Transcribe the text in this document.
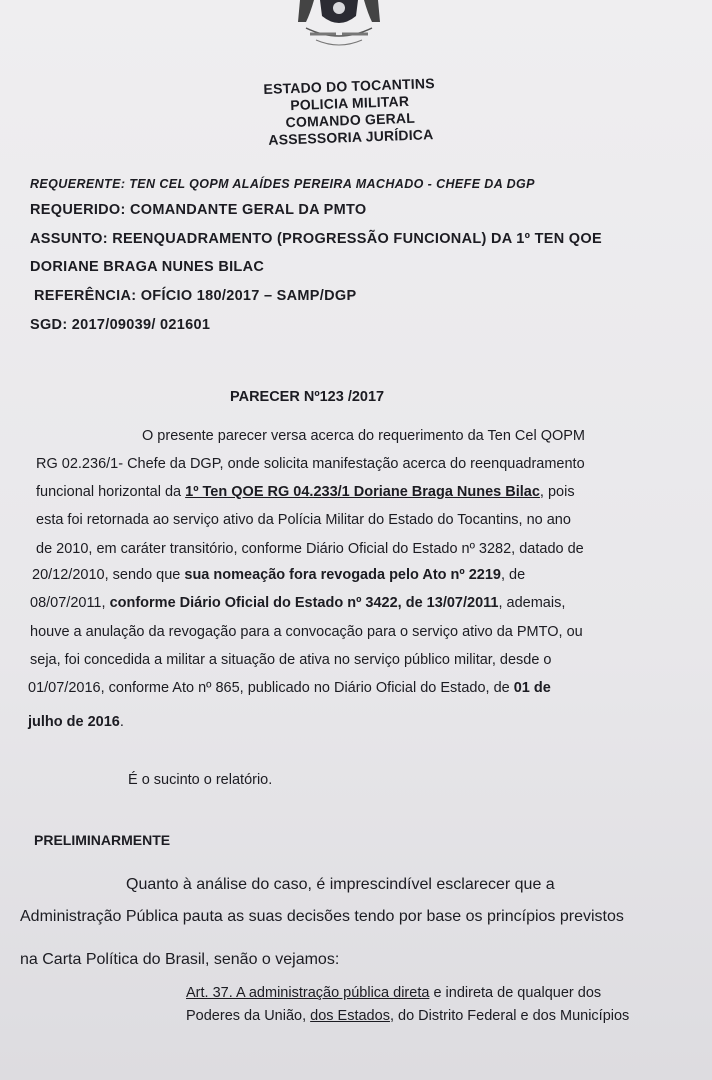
ESTADO DO TOCANTINS
POLICIA MILITAR
COMANDO GERAL
ASSESSORIA JURÍDICA
REQUERENTE: TEN CEL QOPM ALAÍDES PEREIRA MACHADO - CHEFE DA DGP
REQUERIDO: COMANDANTE GERAL DA PMTO
ASSUNTO: REENQUADRAMENTO (PROGRESSÃO FUNCIONAL) DA 1º TEN QOE
DORIANE BRAGA NUNES BILAC
REFERÊNCIA: OFÍCIO 180/2017 – SAMP/DGP
SGD: 2017/09039/ 021601
PARECER Nº123 /2017
O presente parecer versa acerca do requerimento da Ten Cel QOPM
RG 02.236/1- Chefe da DGP, onde solicita manifestação acerca do reenquadramento
funcional horizontal da 1º Ten QOE RG 04.233/1 Doriane Braga Nunes Bilac, pois
esta foi retornada ao serviço ativo da Polícia Militar do Estado do Tocantins, no ano
de 2010, em caráter transitório, conforme Diário Oficial do Estado nº 3282, datado de
20/12/2010, sendo que sua nomeação fora revogada pelo Ato nº 2219, de
08/07/2011, conforme Diário Oficial do Estado nº 3422, de 13/07/2011, ademais,
houve a anulação da revogação para a convocação para o serviço ativo da PMTO, ou
seja, foi concedida a militar a situação de ativa no serviço público militar, desde o
01/07/2016, conforme Ato nº 865, publicado no Diário Oficial do Estado, de 01 de
julho de 2016.
É o sucinto o relatório.
PRELIMINARMENTE
Quanto à análise do caso, é imprescindível esclarecer que a
Administração Pública pauta as suas decisões tendo por base os princípios previstos
na Carta Política do Brasil, senão o vejamos:
Art. 37. A administração pública direta e indireta de qualquer dos
Poderes da União, dos Estados, do Distrito Federal e dos Municípios
